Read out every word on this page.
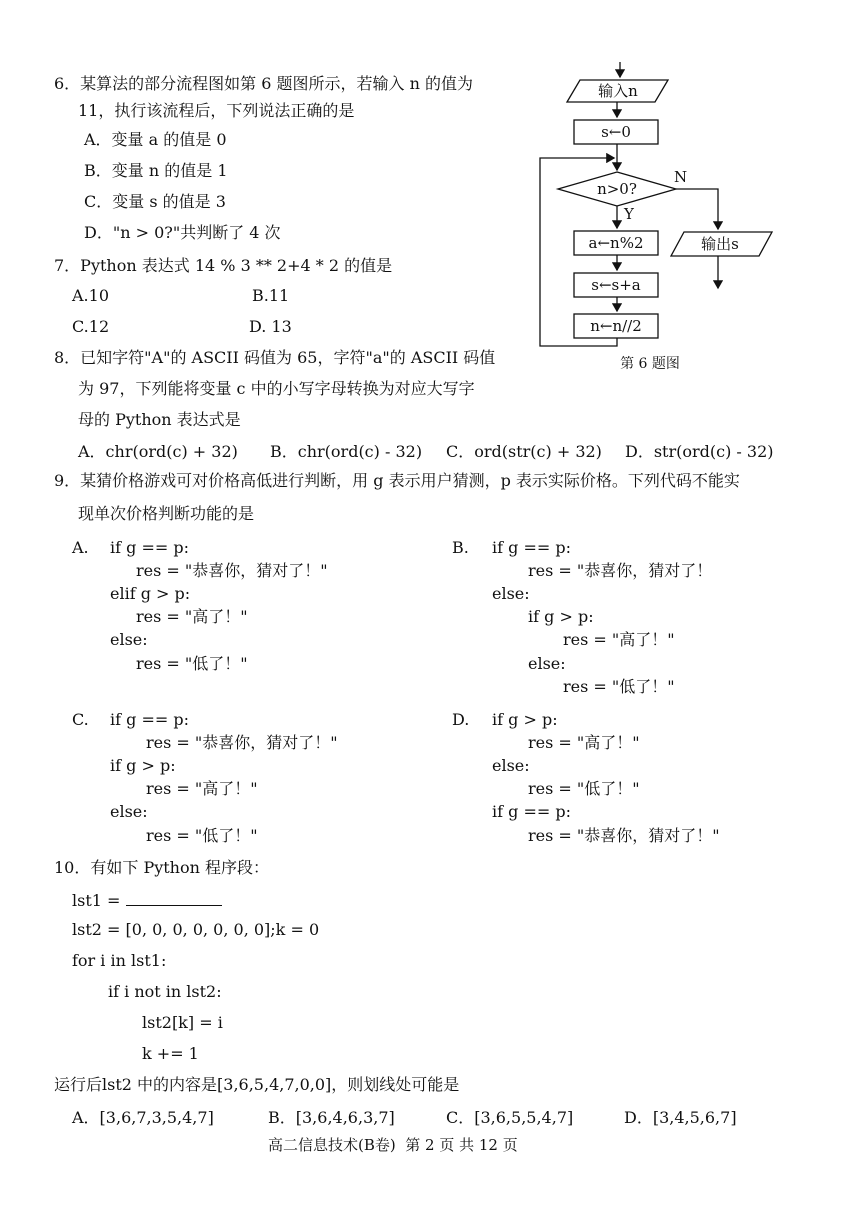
输入n
s←0
n>0?
Y
N
a←n%2
s←s+a
n←n//2
输出s
第 6 题图
6．某算法的部分流程图如第 6 题图所示，若输入 n 的值为
11，执行该流程后，下列说法正确的是
A．变量 a 的值是 0
B．变量 n 的值是 1
C．变量 s 的值是 3
D．"n > 0?"共判断了 4 次
7．Python 表达式 14 % 3 ** 2+4 * 2 的值是
A.10	B.11
C.12	D. 13
8．已知字符"A"的 ASCII 码值为 65，字符"a"的 ASCII 码值
为 97，下列能将变量 c 中的小写字母转换为对应大写字
母的 Python 表达式是
A．chr(ord(c) + 32) B．chr(ord(c) - 32) C．ord(str(c) + 32) D．str(ord(c) - 32)
9．某猜价格游戏可对价格高低进行判断，用 g 表示用户猜测，p 表示实际价格。下列代码不能实
现单次价格判断功能的是
A. if g == p:
res = "恭喜你，猜对了！"
elif g > p:
res = "高了！"
else:
res = "低了！"
B. if g == p:
res = "恭喜你，猜对了！
else:
if g > p:
res = "高了！"
else:
res = "低了！"
C. if g == p:
res = "恭喜你，猜对了！"
if g > p:
res = "高了！"
else:
res = "低了！"
D. if g > p:
res = "高了！"
else:
res = "低了！"
if g == p:
res = "恭喜你，猜对了！"
10．有如下 Python 程序段：
lst1 =
lst2 = [0, 0, 0, 0, 0, 0, 0];k = 0
for i in lst1:
if i not in lst2:
lst2[k] = i
k += 1
运行后lst2 中的内容是[3,6,5,4,7,0,0]，则划线处可能是
A．[3,6,7,3,5,4,7]	B．[3,6,4,6,3,7]	C．[3,6,5,5,4,7]	D．[3,4,5,6,7]
高二信息技术(B卷)  第 2 页 共 12 页
